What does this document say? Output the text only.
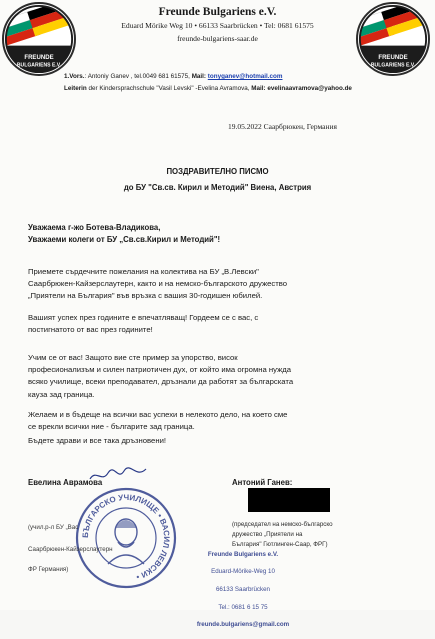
FREUNDE
BULGARIENS E.V.
FREUNDE
BULGARIENS E.V.
Freunde Bulgariens e.V.
Eduard Mörike Weg 10 • 66133 Saarbrücken • Tel: 0681 61575
freunde-bulgariens-saar.de
1.Vors.: Antoniy Ganev , tel.0049 681 61575, Mail: tonyganev@hotmail.com
Leiterin der Kindersprachschule "Vasil Levski" -Evelina Avramova, Mail: evelinaavramova@yahoo.de
19.05.2022 Саарбрюкен, Германия
ПОЗДРАВИТЕЛНО ПИСМО
до БУ "Св.св. Кирил и Методий" Виена, Австрия
Уважаема г-жо Ботева-Владикова,
Уважаеми колеги от БУ „Св.св.Кирил и Методий"!
Приемете сърдечните пожелания на колектива на БУ „В.Левски"
Саарбрюкен-Кайзерслаутерн, както и на немско-българското дружество
„Приятели на България" във връзка с вашия 30-годишен юбилей.
Вашият успех през годините е впечатляващ! Гордеем се с вас, с
постигнатото от вас през годините!
Учим се от вас! Защото вие сте пример за упорство, висок
професионализъм и силен патриотичен дух, от който има огромна нужда
всяко училище, всеки преподавател, дръзнали да работят за българската
кауза зад граница.
Желаем и в бъдеще на всички вас успехи в нелекото дело, на което сме
се врекли всички ние - българите зад граница.
Бъдете здрави и все така дръзновени!
БЪЛГАРСКО УЧИЛИЩЕ • ВАСИЛ ЛЕВСКИ •
Евелина Аврамова	Антоний Ганев:
(учил.р-л БУ „Вас
Саарбрюкен-Кайзерслаутерн
ФР Германия)
(председател на немско-българско
дружество „Приятели на
България" Гютлинген-Саар, ФРГ)

Freunde Bulgariens e.V.

Eduard-Mörike-Weg 10

66133 Saarbrücken

Tel.: 0681 6 15 75

freunde.bulgariens@gmail.com
